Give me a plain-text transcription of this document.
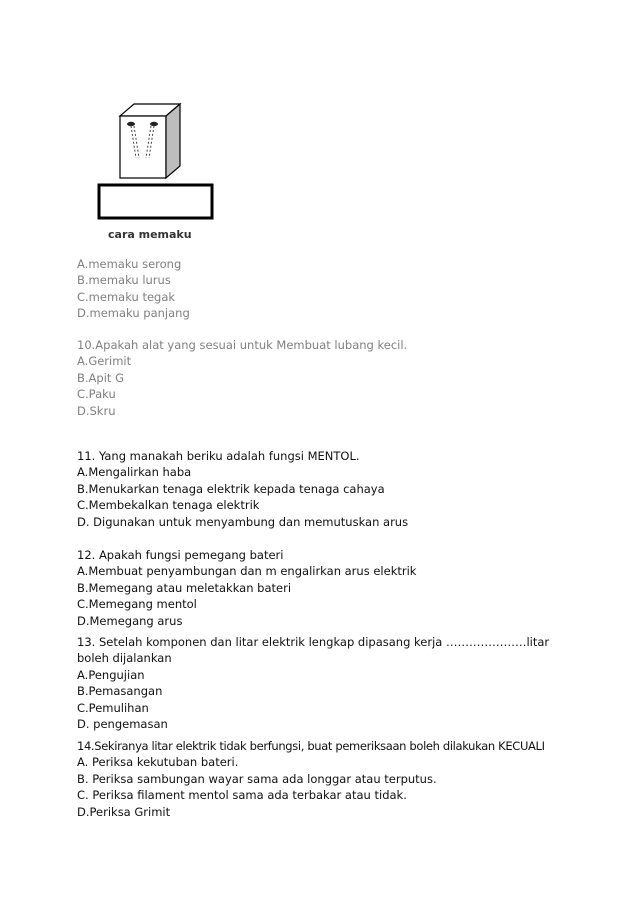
cara memaku
A.memaku serong
B.memaku lurus
C.memaku tegak
D.memaku panjang
10.Apakah alat yang sesuai untuk Membuat lubang kecil.
A.Gerimit
B.Apit G
C.Paku
D.Skru
11. Yang manakah beriku adalah fungsi MENTOL.
A.Mengalirkan haba
B.Menukarkan tenaga elektrik kepada tenaga cahaya
C.Membekalkan tenaga elektrik
D. Digunakan untuk menyambung dan memutuskan arus
12. Apakah fungsi pemegang bateri
A.Membuat penyambungan dan m engalirkan arus elektrik
B.Memegang atau meletakkan bateri
C.Memegang mentol
D.Memegang arus
13. Setelah komponen dan litar elektrik lengkap dipasang kerja …………………litar
boleh dijalankan
A.Pengujian
B.Pemasangan
C.Pemulihan
D. pengemasan
14.Sekiranya litar elektrik tidak berfungsi, buat pemeriksaan boleh dilakukan KECUALI
A. Periksa kekutuban bateri.
B. Periksa sambungan wayar sama ada longgar atau terputus.
C. Periksa filament mentol sama ada terbakar atau tidak.
D.Periksa Grimit
